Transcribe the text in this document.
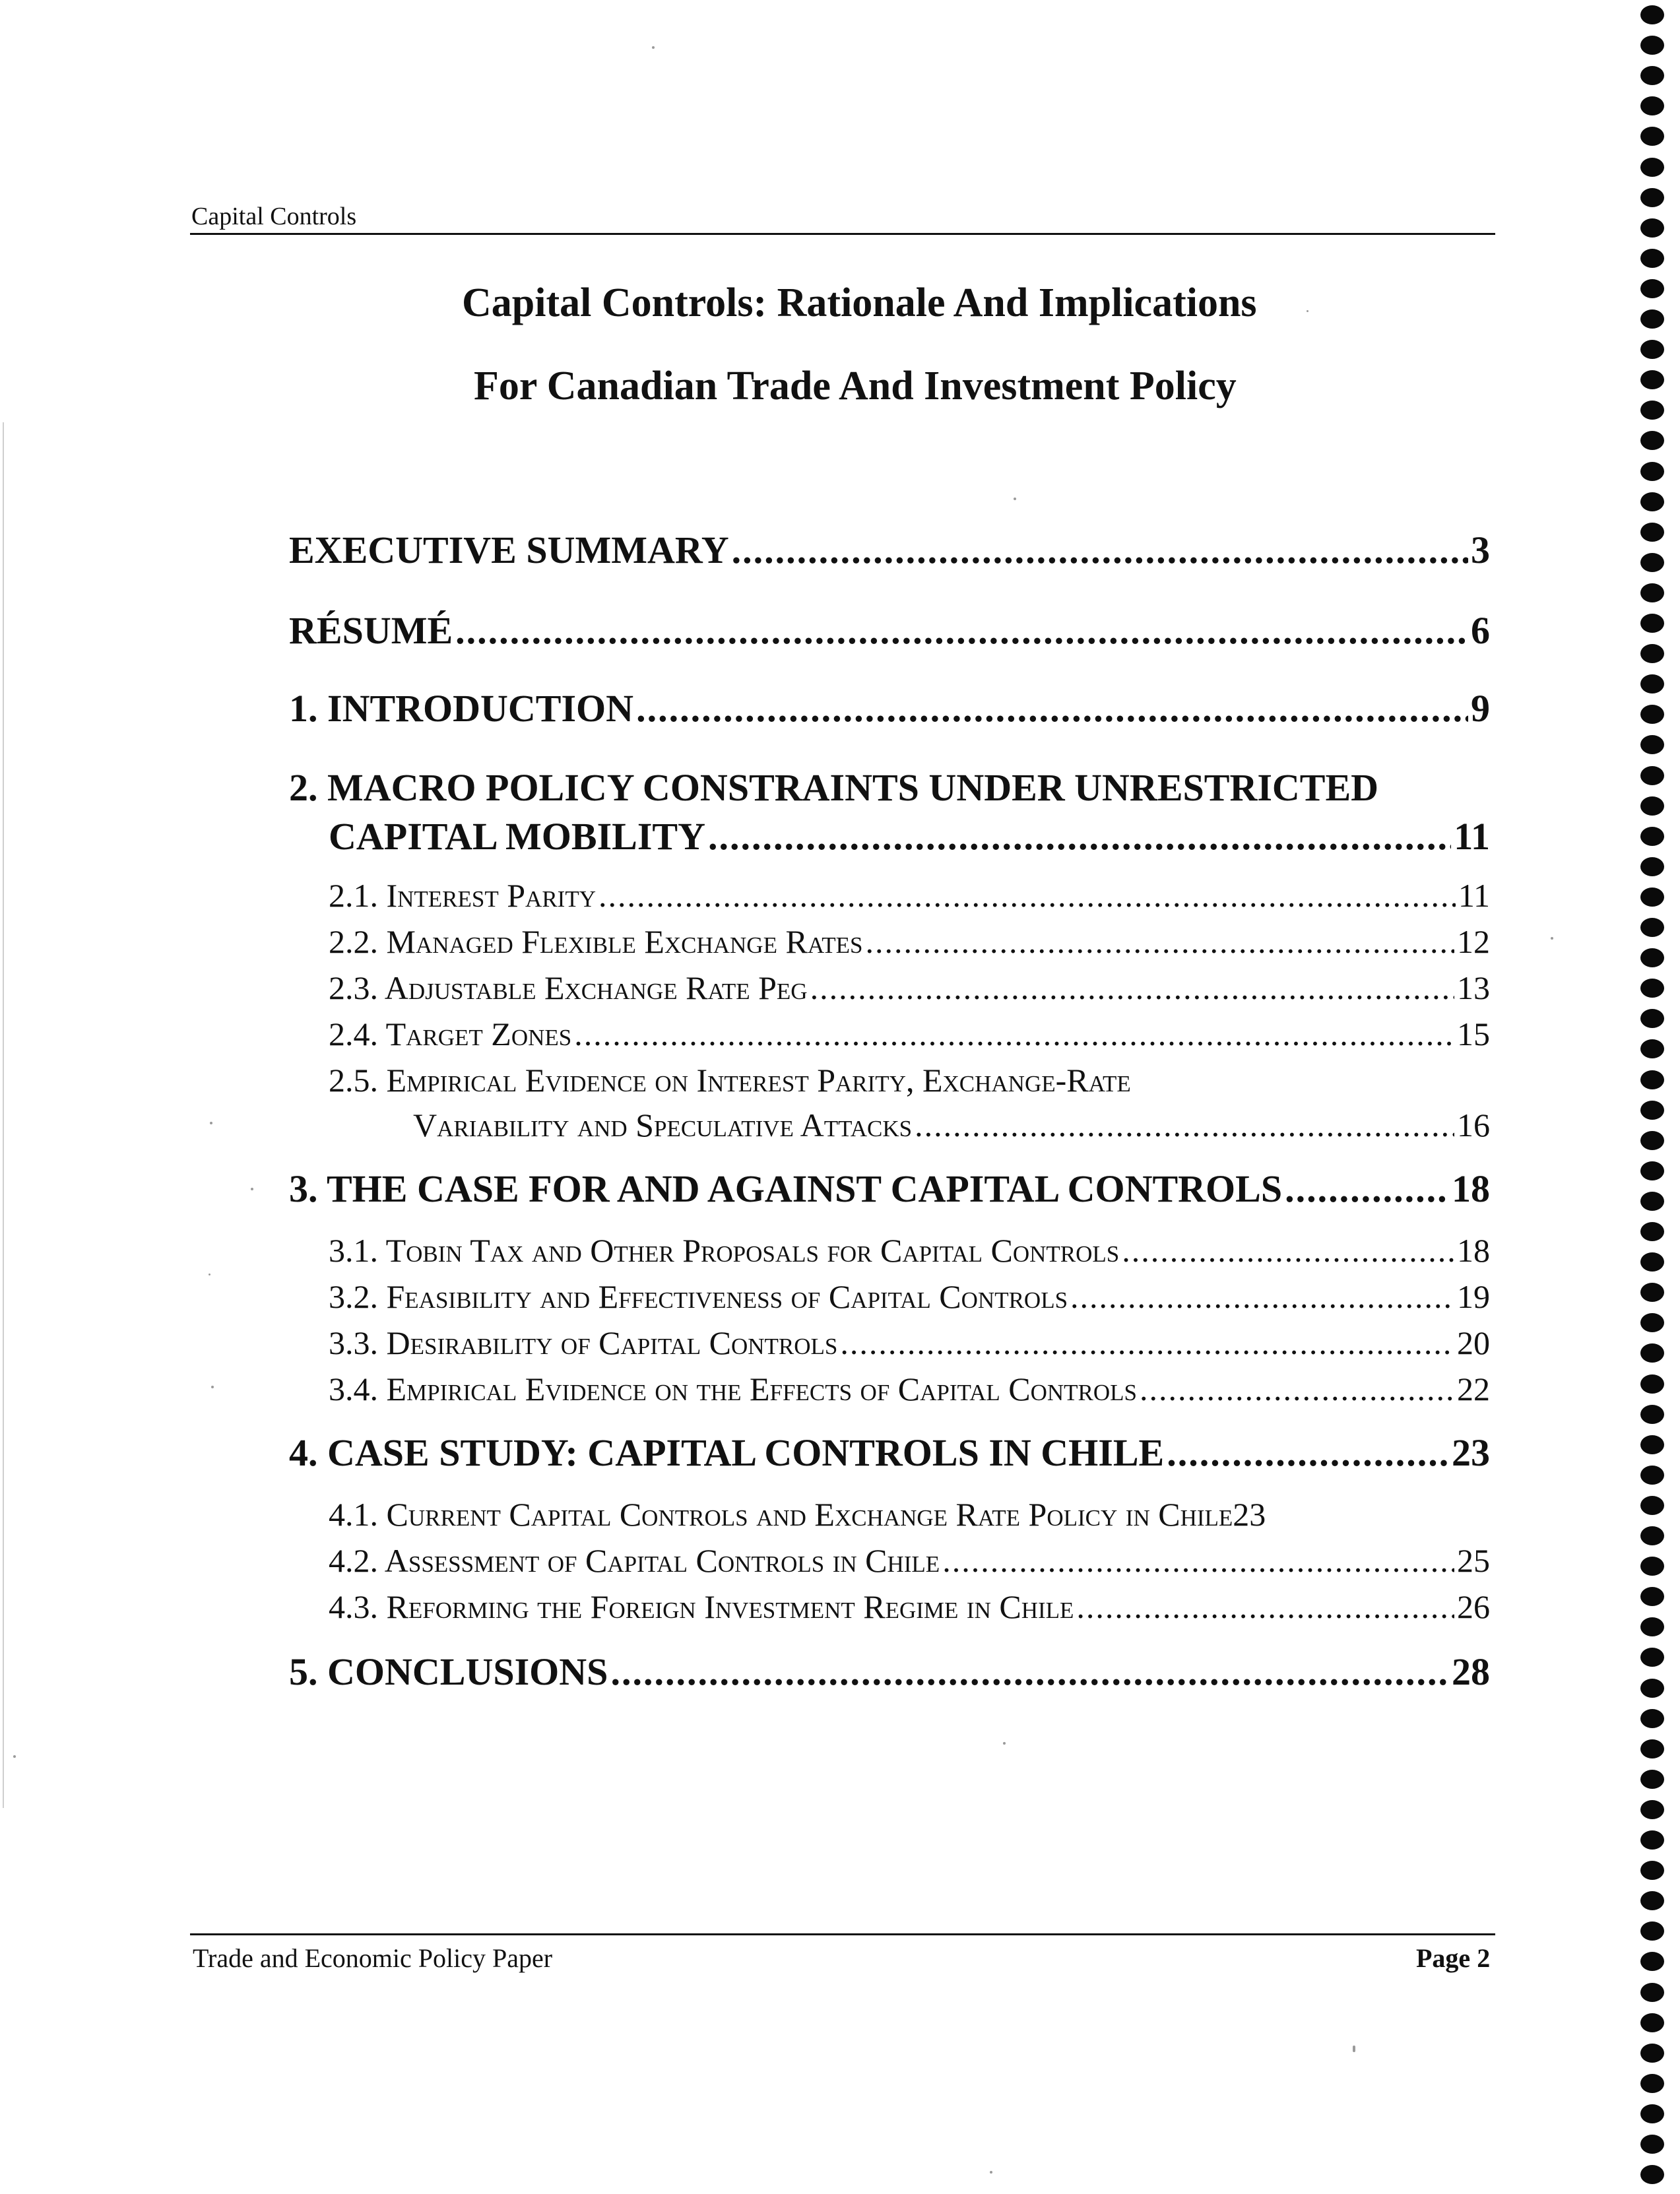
Capital Controls
Capital Controls: Rationale And Implications
For Canadian Trade And Investment Policy
EXECUTIVE SUMMARY .....	3
RÉSUMÉ .....	6
1. INTRODUCTION .....	9
2. MACRO POLICY CONSTRAINTS UNDER UNRESTRICTED
CAPITAL MOBILITY .....	11
2.1. Interest Parity .....	11
2.2. Managed Flexible Exchange Rates .....	12
2.3. Adjustable Exchange Rate Peg .....	13
2.4. Target Zones .....	15
2.5. Empirical Evidence on Interest Parity, Exchange-Rate
Variability and Speculative Attacks .....	16
3. THE CASE FOR AND AGAINST CAPITAL CONTROLS .....	18
3.1. Tobin Tax and Other Proposals for Capital Controls .....	18
3.2. Feasibility and Effectiveness of Capital Controls .....	19
3.3. Desirability of Capital Controls .....	20
3.4. Empirical Evidence on the Effects of Capital Controls .....	22
4. CASE STUDY: CAPITAL CONTROLS IN CHILE .....	23
4.1. Current Capital Controls and Exchange Rate Policy in Chile 23
4.2. Assessment of Capital Controls in Chile .....	25
4.3. Reforming the Foreign Investment Regime in Chile .....	26
5. CONCLUSIONS .....	28
Trade and Economic Policy Paper	Page 2
